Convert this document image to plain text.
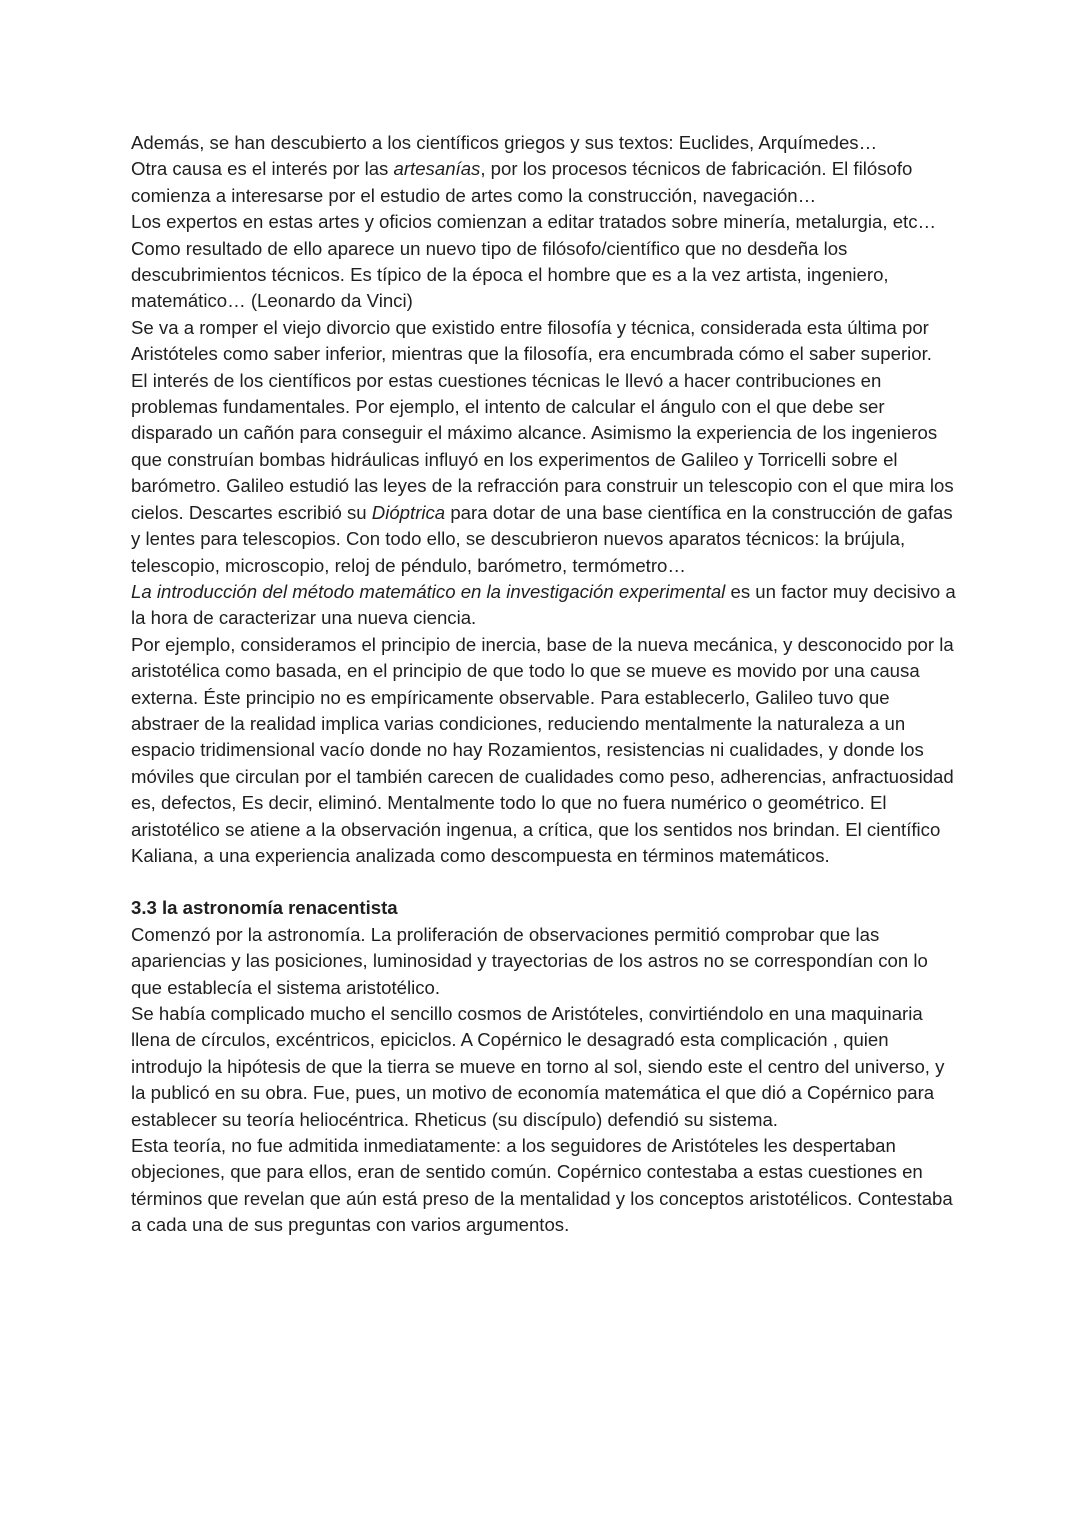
Además, se han descubierto a los científicos griegos y sus textos: Euclides, Arquímedes…

Otra causa es el interés por las artesanías, por los procesos técnicos de fabricación. El filósofo comienza a interesarse por el estudio de artes como la construcción, navegación…

Los expertos en estas artes y oficios comienzan a editar tratados sobre minería, metalurgia, etc…

Como resultado de ello aparece un nuevo tipo de filósofo/científico que no desdeña los descubrimientos técnicos. Es típico de la época el hombre que es a la vez artista, ingeniero, matemático… (Leonardo da Vinci)

Se va a romper el viejo divorcio que existido entre filosofía y técnica, considerada esta última por Aristóteles como saber inferior, mientras que la filosofía, era encumbrada cómo el saber superior.

El interés de los científicos por estas cuestiones técnicas le llevó a hacer contribuciones en problemas fundamentales. Por ejemplo, el intento de calcular el ángulo con el que debe ser disparado un cañón para conseguir el máximo alcance. Asimismo la experiencia de los ingenieros que construían bombas hidráulicas influyó en los experimentos de Galileo y Torricelli sobre el barómetro. Galileo estudió las leyes de la refracción para construir un telescopio con el que mira los cielos. Descartes escribió su Dióptrica para dotar de una base científica en la construcción de gafas y lentes para telescopios. Con todo ello, se descubrieron nuevos aparatos técnicos: la brújula, telescopio, microscopio, reloj de péndulo, barómetro, termómetro…

La introducción del método matemático en la investigación experimental es un factor muy decisivo a la hora de caracterizar una nueva ciencia.

Por ejemplo, consideramos el principio de inercia, base de la nueva mecánica, y desconocido por la aristotélica como basada, en el principio de que todo lo que se mueve es movido por una causa externa. Éste principio no es empíricamente observable. Para establecerlo, Galileo tuvo que abstraer de la realidad implica varias condiciones, reduciendo mentalmente la naturaleza a un espacio tridimensional vacío donde no hay Rozamientos, resistencias ni cualidades, y donde los móviles que circulan por el también carecen de cualidades como peso, adherencias, anfractuosidad es, defectos, Es decir, eliminó. Mentalmente todo lo que no fuera numérico o geométrico. El aristotélico se atiene a la observación ingenua, a crítica, que los sentidos nos brindan. El científico Kaliana, a una experiencia analizada como descompuesta en términos matemáticos.

3.3 la astronomía renacentista

Comenzó por la astronomía. La proliferación de observaciones permitió comprobar que las apariencias y las posiciones, luminosidad y trayectorias de los astros no se correspondían con lo que establecía el sistema aristotélico.

Se había complicado mucho el sencillo cosmos de Aristóteles, convirtiéndolo en una maquinaria llena de círculos, excéntricos, epiciclos. A Copérnico le desagradó esta complicación , quien introdujo la hipótesis de que la tierra se mueve en torno al sol, siendo este el centro del universo, y la publicó en su obra. Fue, pues, un motivo de economía matemática el que dió a Copérnico para establecer su teoría heliocéntrica. Rheticus (su discípulo) defendió su sistema.

Esta teoría, no fue admitida inmediatamente: a los seguidores de Aristóteles les despertaban objeciones, que para ellos, eran de sentido común. Copérnico contestaba a estas cuestiones en términos que revelan que aún está preso de la mentalidad y los conceptos aristotélicos. Contestaba a cada una de sus preguntas con varios argumentos.
